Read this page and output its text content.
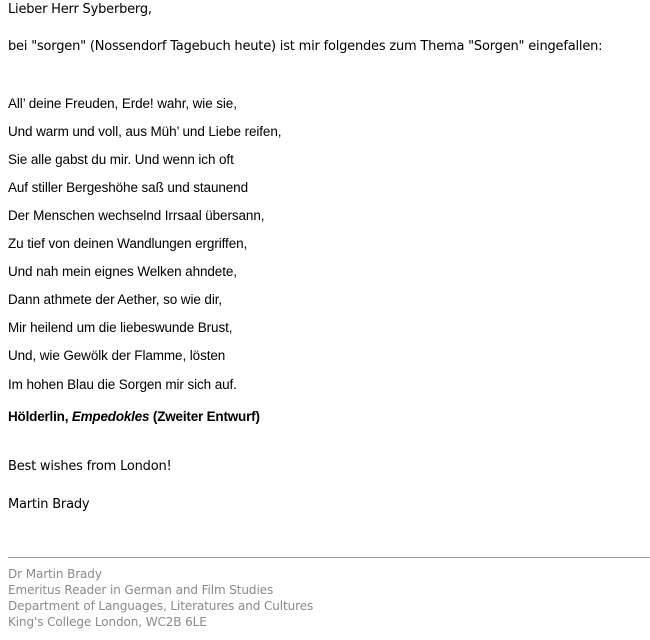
Lieber Herr Syberberg,
bei "sorgen" (Nossendorf Tagebuch heute) ist mir folgendes zum Thema "Sorgen" eingefallen:
All’ deine Freuden, Erde! wahr, wie sie,
Und warm und voll, aus Müh’ und Liebe reifen,
Sie alle gabst du mir. Und wenn ich oft
Auf stiller Bergeshöhe saß und staunend
Der Menschen wechselnd Irrsaal übersann,
Zu tief von deinen Wandlungen ergriffen,
Und nah mein eignes Welken ahndete,
Dann athmete der Aether, so wie dir,
Mir heilend um die liebeswunde Brust,
Und, wie Gewölk der Flamme, lösten
Im hohen Blau die Sorgen mir sich auf.
Hölderlin, Empedokles (Zweiter Entwurf)
Best wishes from London!
Martin Brady
Dr Martin Brady
Emeritus Reader in German and Film Studies
Department of Languages, Literatures and Cultures
King's College London, WC2B 6LE
